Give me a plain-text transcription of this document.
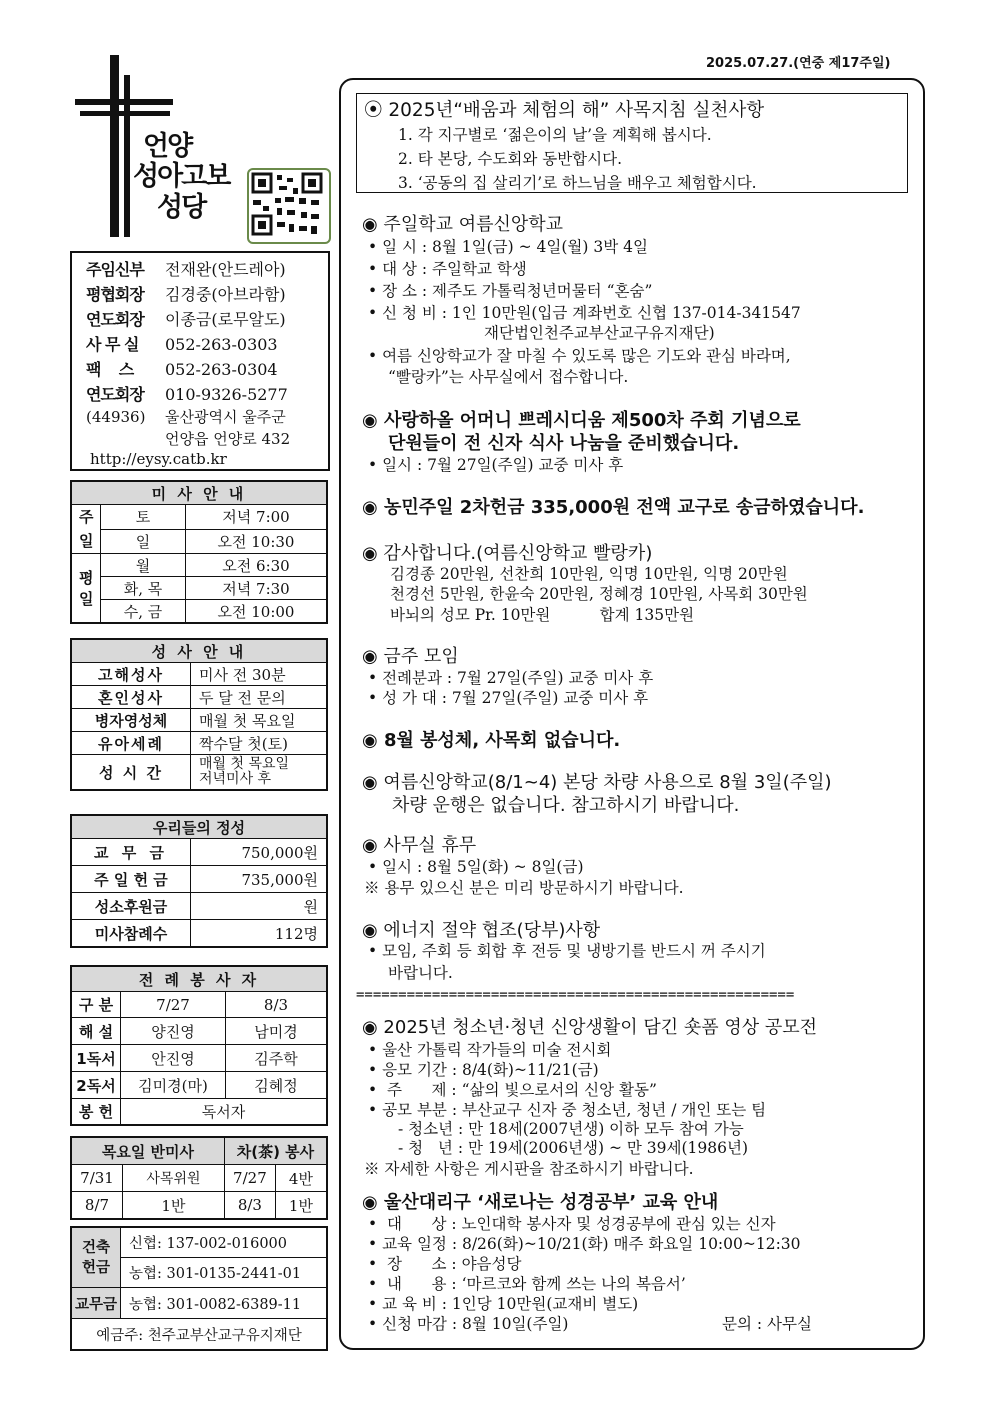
2025.07.27.(연중 제17주일)
언양
성아고보
성당
주임신부 전재완(안드레아)
평협회장 김경중(아브라함)
연도회장 이종금(로무알도)
사 무 실 052-263-0303
팩    스 052-263-0304
연도회장 010-9326-5277
(44936) 울산광역시 울주군
언양읍 언양로 432
http://eysy.catb.kr
미 사 안 내		
주일	토	저녁 7:00
	일	오전 10:30
평일	월	오전 6:30
	화, 목	저녁 7:30
	수, 금	오전 10:00
성 사 안 내	
고해성사	미사 전 30분
혼인성사	두 달 전 문의
병자영성체	매월 첫 목요일
유아세례	짝수달 첫(토)
성 시 간	매월 첫 목요일
저녁미사 후
우리들의 정성	
교 무 금	750,000원
주 일 헌 금	735,000원
성소후원금	원
미사참례수	112명
전 례 봉 사 자		
구 분	7/27	8/3
해 설	양진영	남미경
1독서	안진영	김주학
2독서	김미경(마)	김혜정
봉 헌	독서자	
목요일 반미사		차(茶) 봉사	
7/31	사목위원	7/27	4반
8/7	1반	8/3	1반
건축
헌금	신협: 137-002-016000
	농협: 301-0135-2441-01
교무금	농협: 301-0082-6389-11
예금주: 천주교부산교구유지재단	
⦿ 2025년“배움과 체험의 해” 사목지침 실천사항
1. 각 지구별로 ‘젊은이의 날’을 계획해 봅시다.
2. 타 본당, 수도회와 동반합시다.
3. ‘공동의 집 살리기’로 하느님을 배우고 체험합시다.
◉ 주일학교 여름신앙학교
• 일 시 : 8월 1일(금) ~ 4일(월) 3박 4일
• 대 상 : 주일학교 학생
• 장 소 : 제주도 가톨릭청년머물터 “혼숨”
• 신 청 비 : 1인 10만원(입금 계좌번호 신협 137-014-341547
재단법인천주교부산교구유지재단)
• 여름 신앙학교가 잘 마칠 수 있도록 많은 기도와 관심 바라며,
“빨랑카”는 사무실에서 접수합니다.
◉ 사랑하올 어머니 쁘레시디움 제500차 주회 기념으로
단원들이 전 신자 식사 나눔을 준비했습니다.
• 일시 : 7월 27일(주일) 교중 미사 후
◉ 농민주일 2차헌금 335,000원 전액 교구로 송금하였습니다.
◉ 감사합니다.(여름신앙학교 빨랑카)
김경종 20만원, 선찬희 10만원, 익명 10만원, 익명 20만원
천경선 5만원, 한윤숙 20만원, 정혜경 10만원, 사목회 30만원
바뇌의 성모 Pr. 10만원          합계 135만원
◉ 금주 모임
• 전례분과 : 7월 27일(주일) 교중 미사 후
• 성 가 대 : 7월 27일(주일) 교중 미사 후
◉ 8월 봉성체, 사목회 없습니다.
◉ 여름신앙학교(8/1~4) 본당 차량 사용으로 8월 3일(주일)
차량 운행은 없습니다. 참고하시기 바랍니다.
◉ 사무실 휴무
• 일시 : 8월 5일(화) ~ 8일(금)
※ 용무 있으신 분은 미리 방문하시기 바랍니다.
◉ 에너지 절약 협조(당부)사항
• 모임, 주회 등 회합 후 전등 및 냉방기를 반드시 꺼 주시기
바랍니다.
====================================================
◉ 2025년 청소년·청년 신앙생활이 담긴 숏폼 영상 공모전
• 울산 가톨릭 작가들의 미술 전시회
• 응모 기간 : 8/4(화)~11/21(금)
•  주      제 : “삶의 빛으로서의 신앙 활동”
• 공모 부분 : 부산교구 신자 중 청소년, 청년 / 개인 또는 팀
- 청소년 : 만 18세(2007년생) 이하 모두 참여 가능
- 청   년 : 만 19세(2006년생) ~ 만 39세(1986년)
※ 자세한 사항은 게시판을 참조하시기 바랍니다.
◉ 울산대리구 ‘새로나는 성경공부’ 교육 안내
•  대      상 : 노인대학 봉사자 및 성경공부에 관심 있는 신자
• 교육 일정 : 8/26(화)~10/21(화) 매주 화요일 10:00~12:30
•  장      소 : 야음성당
•  내      용 : ‘마르코와 함께 쓰는 나의 복음서’
• 교 육 비 : 1인당 10만원(교재비 별도)
• 신청 마감 : 8월 10일(주일)	문의 : 사무실
